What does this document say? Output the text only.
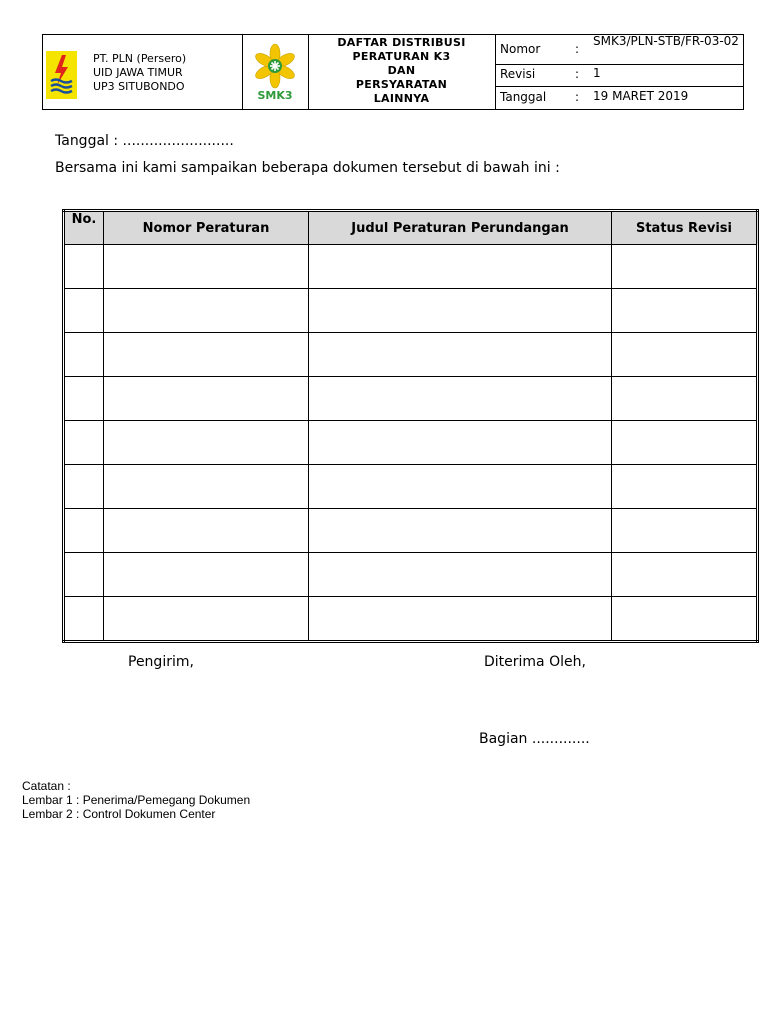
PT. PLN (Persero)
UID JAWA TIMUR
UP3 SITUBONDO
SMK3
DAFTAR DISTRIBUSI
PERATURAN K3
DAN
PERSYARATAN
LAINNYA
Nomor	:
SMK3/PLN-STB/FR-03-02
Revisi	: 1
Tanggal : 19 MARET 2019
Tanggal : .........................
Bersama ini kami sampaikan beberapa dokumen tersebut di bawah ini :
No.	Nomor Peraturan	Judul Peraturan Perundangan	Status Revisi

Pengirim,	Diterima Oleh,
Bagian .............
Catatan :
Lembar 1 : Penerima/Pemegang Dokumen
Lembar 2 : Control Dokumen Center
